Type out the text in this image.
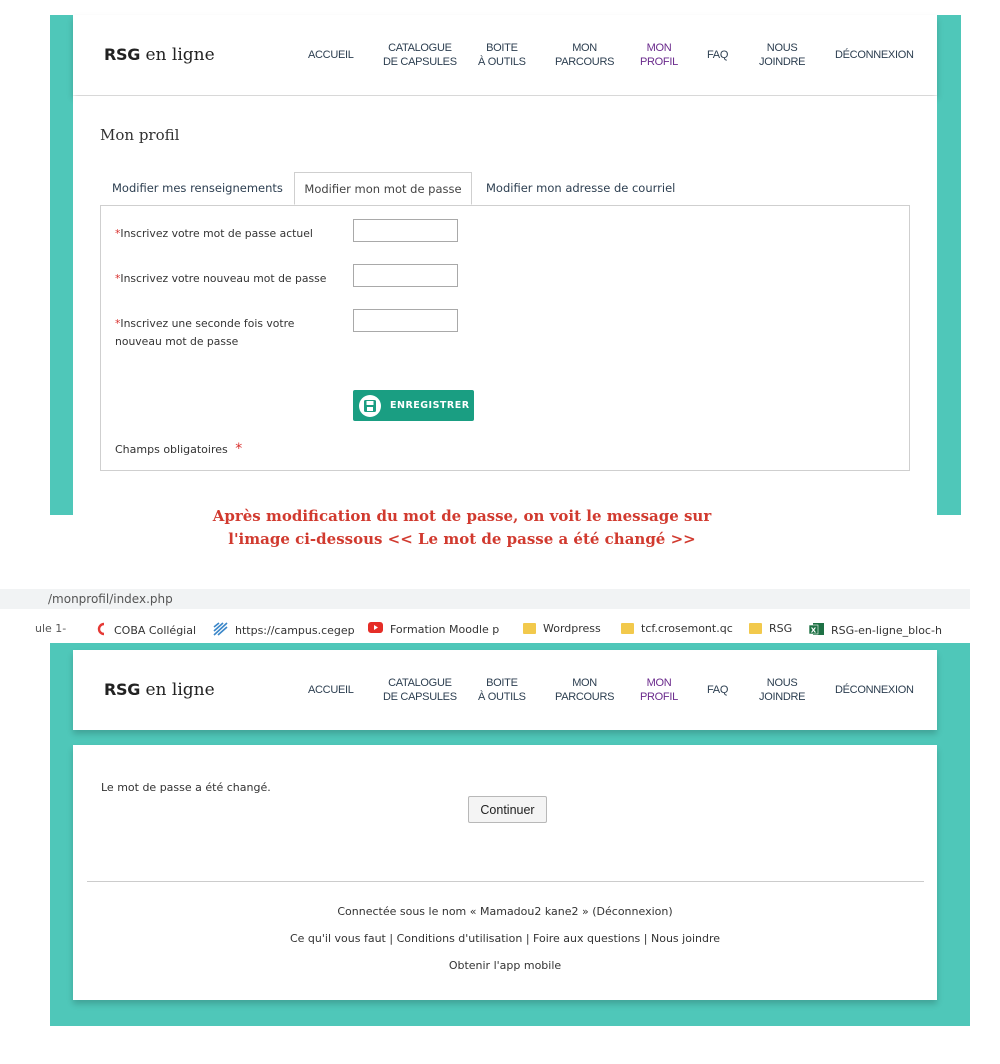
RSG en ligne	ACCUEIL
CATALOGUE
DE CAPSULES
BOITE
À OUTILS
MON
PARCOURS
MON
PROFIL
FAQ
NOUS
JOINDRE
DÉCONNEXION
Mon profil
Modifier mes renseignements	Modifier mon mot de passe	Modifier mon adresse de courriel
*Inscrivez votre mot de passe actuel
*Inscrivez votre nouveau mot de passe
*Inscrivez une seconde fois votre nouveau mot de passe
ENREGISTRER
Champs obligatoires *
Après modification du mot de passe, on voit le message sur
l'image ci-dessous << Le mot de passe a été changé >>
/monprofil/index.php
ule 1-	COBA Collégial	https://campus.cegep	Formation Moodle p	Wordpress	tcf.crosemont.qc	RSG	X RSG-en-ligne_bloc-h
RSG en ligne	ACCUEIL
CATALOGUE
DE CAPSULES
BOITE
À OUTILS
MON
PARCOURS
MON
PROFIL
FAQ
NOUS
JOINDRE
DÉCONNEXION
Le mot de passe a été changé.
Continuer
Connectée sous le nom « Mamadou2 kane2 » (Déconnexion)
Ce qu'il vous faut | Conditions d'utilisation | Foire aux questions | Nous joindre
Obtenir l'app mobile
